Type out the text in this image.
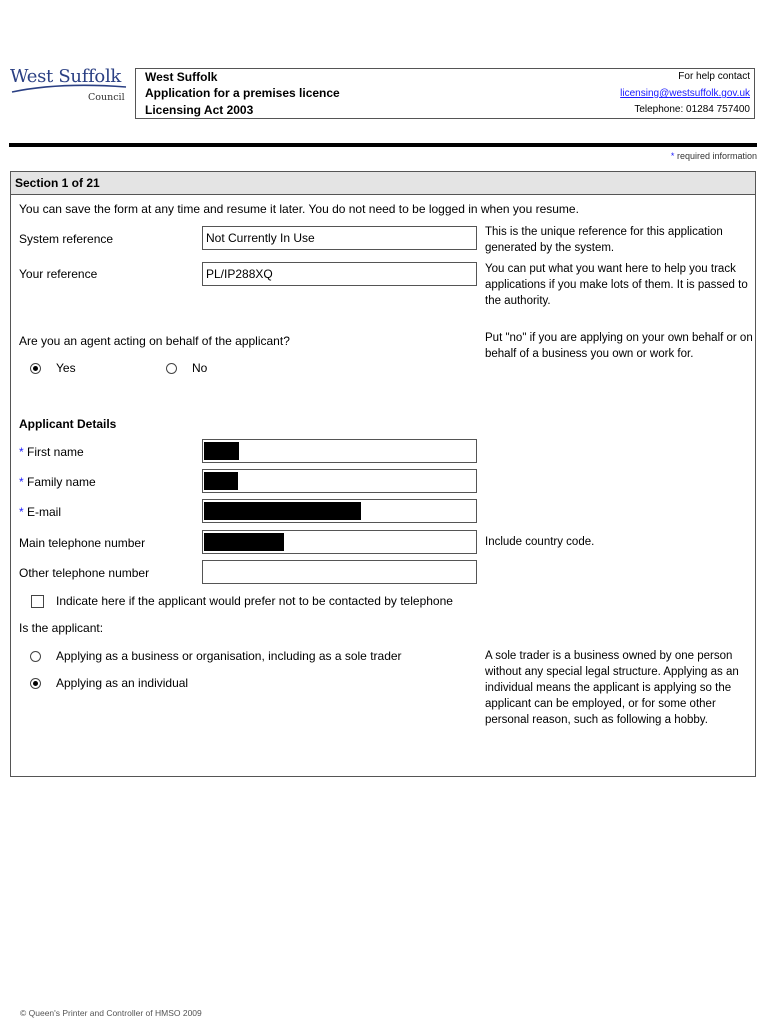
West Suffolk
Council
West Suffolk
Application for a premises licence
Licensing Act 2003
For help contact
licensing@westsuffolk.gov.uk
Telephone: 01284 757400
* required information
Section 1 of 21
You can save the form at any time and resume it later. You do not need to be logged in when you resume.
System reference	Not Currently In Use	This is the unique reference for this application generated by the system.
Your reference	PL/IP288XQ	You can put what you want here to help you track applications if you make lots of them. It is passed to the authority.
Are you an agent acting on behalf of the applicant?
Yes	No
Put "no" if you are applying on your own behalf or on behalf of a business you own or work for.
Applicant Details
* First name
* Family name
* E-mail
Main telephone number	Include country code.
Other telephone number
Indicate here if the applicant would prefer not to be contacted by telephone
Is the applicant:
Applying as a business or organisation, including as a sole trader
Applying as an individual
A sole trader is a business owned by one person without any special legal structure. Applying as an individual means the applicant is applying so the applicant can be employed, or for some other personal reason, such as following a hobby.
© Queen's Printer and Controller of HMSO 2009
